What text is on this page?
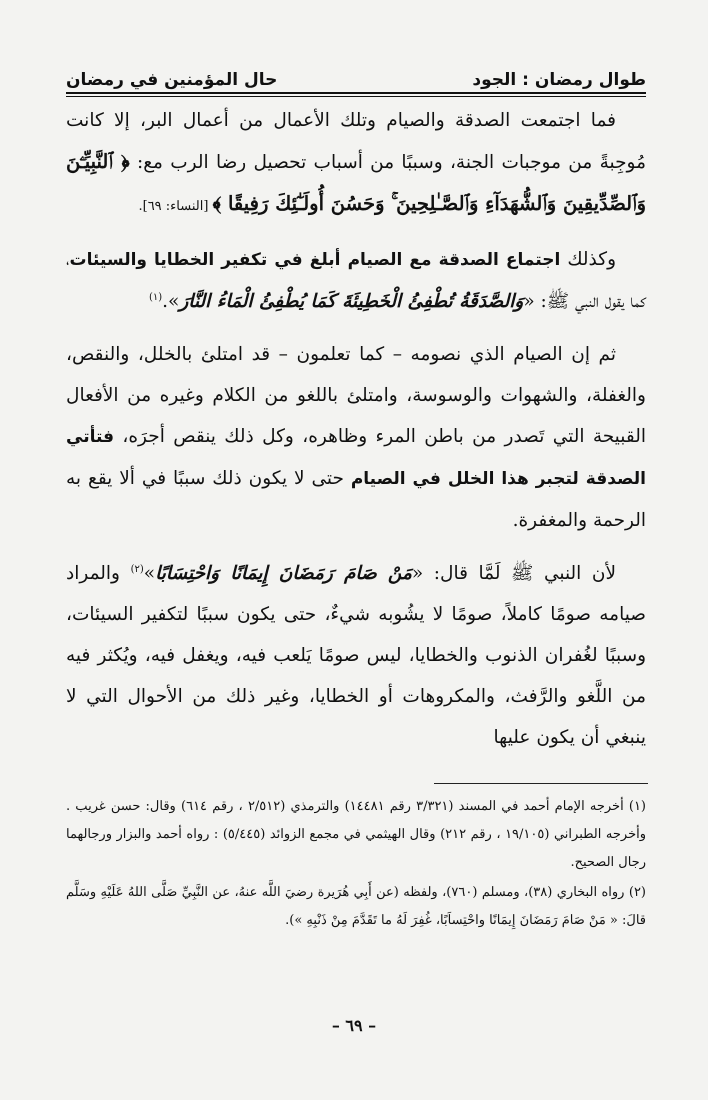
طوال رمضان : الجود
حال المؤمنين في رمضان

فما اجتمعت الصدقة والصيام وتلك الأعمال من أعمال البر، إلا كانت مُوجِبةً من موجبات الجنة، وسببًا من أسباب تحصيل رضا الرب مع: ﴿ ٱلنَّبِيِّـۧنَ وَٱلصِّدِّيقِينَ وَٱلشُّهَدَآءِ وَٱلصَّـٰلِحِينَ ۚ وَحَسُنَ أُولَـٰٓئِكَ رَفِيقًا ﴾ [النساء: ٦٩].

وكذلك اجتماع الصدقة مع الصيام أبلغ في تكفير الخطايا والسيئات، كما يقول النبي ﷺ: «وَالصَّدَقَةُ تُطْفِئُ الْخَطِيئَةَ كَمَا يُطْفِئُ الْمَاءُ النَّارَ».$^{(١)}$

ثم إن الصيام الذي نصومه – كما تعلمون – قد امتلئ بالخلل، والنقص، والغفلة، والشهوات والوسوسة، وامتلئ باللغو من الكلام وغيره من الأفعال القبيحة التي تَصدر من باطن المرء وظاهره، وكل ذلك ينقص أجرَه، فتأتي الصدقة لتجبر هذا الخلل في الصيام حتى لا يكون ذلك سببًا في ألا يقع به الرحمة والمغفرة.

لأن النبي ﷺ لَمَّا قال: «مَنْ صَامَ رَمَضَانَ إِيمَانًا وَاحْتِسَابًا»$^{(٢)}$ والمراد صيامه صومًا كاملاً، صومًا لا يشُوبه شيءٌ، حتى يكون سببًا لتكفير السيئات، وسببًا لغُفران الذنوب والخطايا، ليس صومًا يَلعب فيه، ويغفل فيه، ويُكثر فيه من اللَّغو والرَّفث، والمكروهات أو الخطايا، وغير ذلك من الأحوال التي لا ينبغي أن يكون عليها

(١) أخرجه الإمام أحمد في المسند (٣/٣٢١ رقم ١٤٤٨١) والترمذي (٢/٥١٢ ، رقم ٦١٤) وقال: حسن غريب . وأخرجه الطبراني (١٩/١٠٥ ، رقم ٢١٢) وقال الهيثمي في مجمع الزوائد (٥/٤٤٥) : رواه أحمد والبزار ورجالهما رجال الصحيح.

(٢) رواه البخاري (٣٨)، ومسلم (٧٦٠)، ولفظه (عن أَبِي هُرَيرة رضيَ اللَّه عنهُ، عن النَّبِيِّ صَلَّى اللهُ عَلَيْهِ وسَلَّم قالَ: « مَنْ صَامَ رَمَضَانَ إِيمَانًا واحْتِساَبًا، غُفِرَ لَهُ ما تَقَدَّمَ مِنْ ذَنْبِهِ »).

– ٦٩ –
